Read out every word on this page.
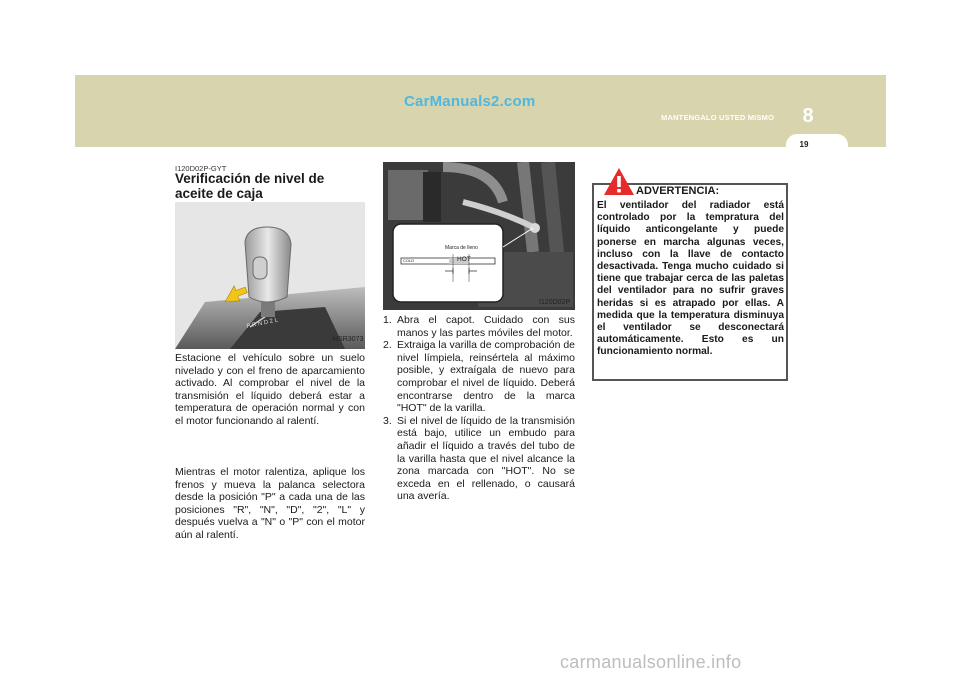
CarManuals2.com
MANTENGALO USTED MISMO	8
19
I120D02P-GYT
Verificación de nivel de aceite de caja
P R N D 2 L
HSR3073
Marca de lleno
HOT
COLD
I120D02P
Estacione el vehículo sobre un suelo nivelado y con el freno de aparcamiento activado. Al comprobar el nivel de la transmisión el líquido deberá estar a temperatura de operación normal y con el motor funcionando al ralentí.
Mientras el motor ralentiza, aplique los frenos y mueva la palanca selectora desde la posición "P" a cada una de las posiciones "R", "N", "D", "2", "L" y después vuelva a "N" o "P" con el motor aún al ralentí.
1. Abra el capot. Cuidado con sus manos y las partes móviles del motor.
2. Extraiga la varilla de comprobación de nivel límpiela, reinsértela al máximo posible, y extraígala de nuevo para comprobar el nivel de líquido. Deberá encontrarse dentro de la marca "HOT" de la varilla.
3. Si el nivel de líquido de la transmisión está bajo, utilice un embudo para añadir el líquido a través del tubo de la varilla hasta que el nivel alcance la zona marcada con "HOT". No se exceda en el rellenado, o causará una avería.
ADVERTENCIA:
El ventilador del radiador está controlado por la tempratura del líquido anticongelante y puede ponerse en marcha algunas veces, incluso con la llave de contacto desactivada. Tenga mucho cuidado si tiene que trabajar cerca de las paletas del ventilador para no sufrir graves heridas si es atrapado por ellas. A medida que la temperatura disminuya el ventilador se desconectará automáticamente. Esto es un funcionamiento normal.
carmanualsonline.info
